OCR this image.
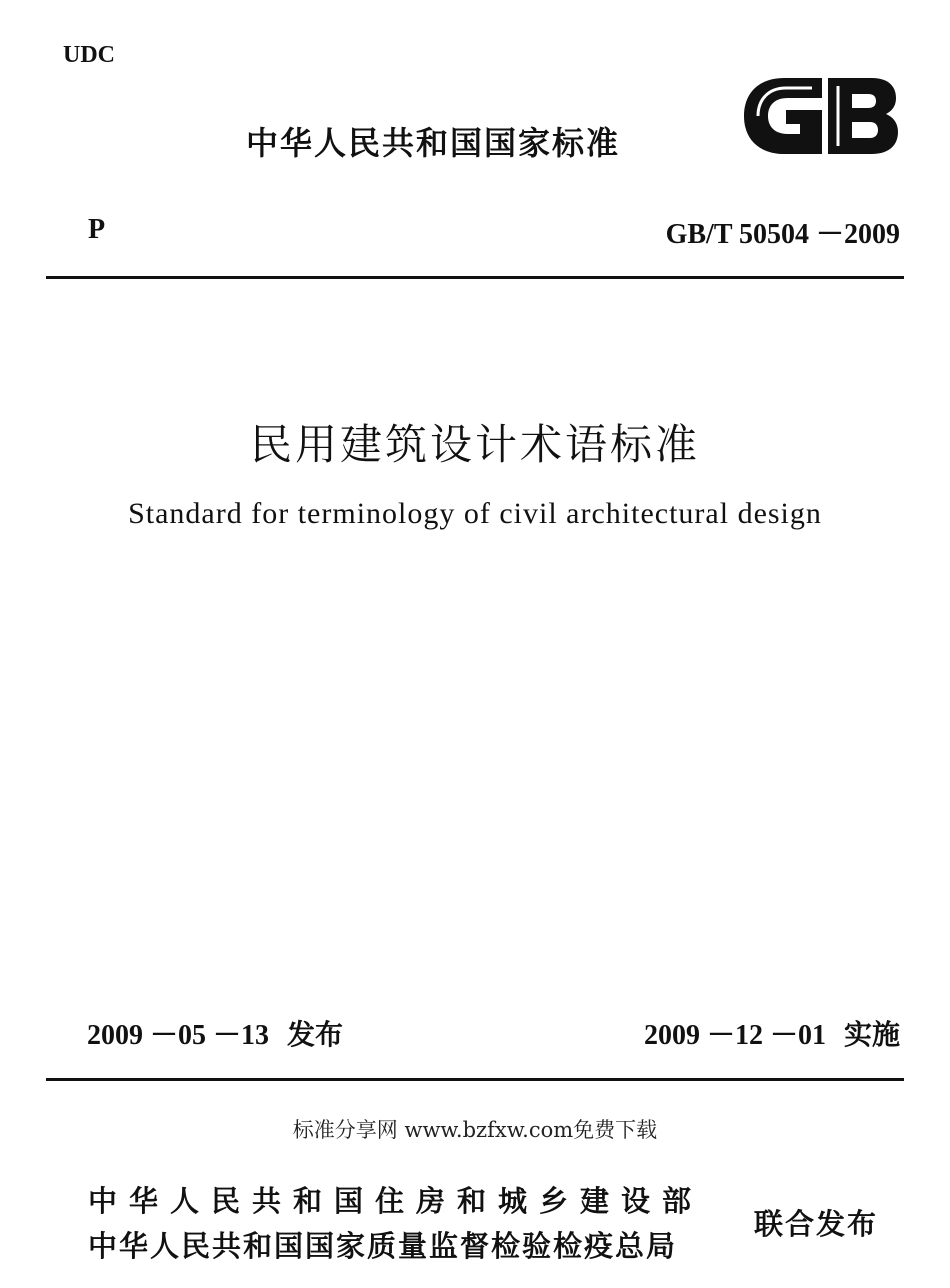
UDC
中华人民共和国国家标准
P	GB/T 50504 －2009
民用建筑设计术语标准
Standard for terminology of civil architectural design
2009 －05 －13 发布	2009 －12 －01 实施
标准分享网 www.bzfxw.com免费下载
中华人民共和国住房和城乡建设部
中华人民共和国国家质量监督检验检疫总局
联合发布
